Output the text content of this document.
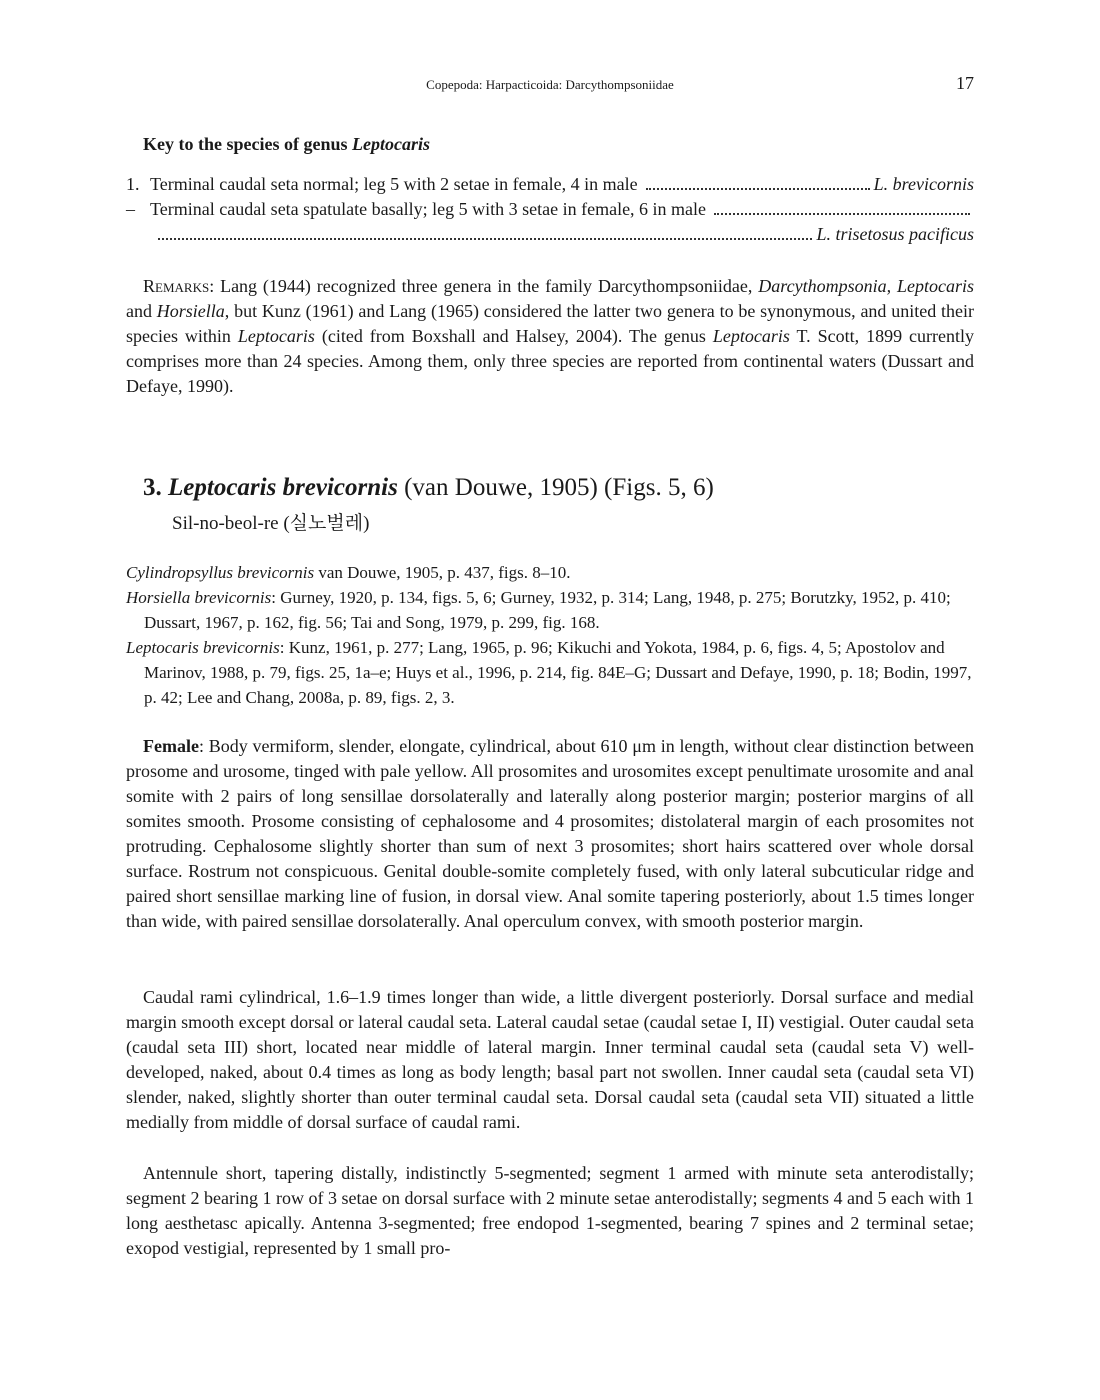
Copepoda: Harpacticoida: Darcythompsoniidae	17
Key to the species of genus Leptocaris
1. Terminal caudal seta normal; leg 5 with 2 setae in female, 4 in male	L. brevicornis
– Terminal caudal seta spatulate basally; leg 5 with 3 setae in female, 6 in male
L. trisetosus pacificus

Remarks: Lang (1944) recognized three genera in the family Darcythompsoniidae, Darcythompsonia, Leptocaris and Horsiella, but Kunz (1961) and Lang (1965) considered the latter two genera to be synonymous, and united their species within Leptocaris (cited from Boxshall and Halsey, 2004). The genus Leptocaris T. Scott, 1899 currently comprises more than 24 species. Among them, only three species are reported from continental waters (Dussart and Defaye, 1990).

3. Leptocaris brevicornis (van Douwe, 1905) (Figs. 5, 6)
Sil-no-beol-re (실노벌레)

Cylindropsyllus brevicornis van Douwe, 1905, p. 437, figs. 8–10.

Horsiella brevicornis: Gurney, 1920, p. 134, figs. 5, 6; Gurney, 1932, p. 314; Lang, 1948, p. 275; Borutzky, 1952, p. 410; Dussart, 1967, p. 162, fig. 56; Tai and Song, 1979, p. 299, fig. 168.

Leptocaris brevicornis: Kunz, 1961, p. 277; Lang, 1965, p. 96; Kikuchi and Yokota, 1984, p. 6, figs. 4, 5; Apostolov and Marinov, 1988, p. 79, figs. 25, 1a–e; Huys et al., 1996, p. 214, fig. 84E–G; Dussart and Defaye, 1990, p. 18; Bodin, 1997, p. 42; Lee and Chang, 2008a, p. 89, figs. 2, 3.

Female: Body vermiform, slender, elongate, cylindrical, about 610 μm in length, without clear distinction between prosome and urosome, tinged with pale yellow. All prosomites and urosomites except penultimate urosomite and anal somite with 2 pairs of long sensillae dorsolaterally and laterally along posterior margin; posterior margins of all somites smooth. Prosome consisting of cephalosome and 4 prosomites; distolateral margin of each prosomites not protruding. Cephalosome slightly shorter than sum of next 3 prosomites; short hairs scattered over whole dorsal surface. Rostrum not conspicuous. Genital double-somite completely fused, with only lateral subcuticular ridge and paired short sensillae marking line of fusion, in dorsal view. Anal somite tapering posteriorly, about 1.5 times longer than wide, with paired sensillae dorsolaterally. Anal operculum convex, with smooth posterior margin.

Caudal rami cylindrical, 1.6–1.9 times longer than wide, a little divergent posteriorly. Dorsal surface and medial margin smooth except dorsal or lateral caudal seta. Lateral caudal setae (caudal setae I, II) vestigial. Outer caudal seta (caudal seta III) short, located near middle of lateral margin. Inner terminal caudal seta (caudal seta V) well-developed, naked, about 0.4 times as long as body length; basal part not swollen. Inner caudal seta (caudal seta VI) slender, naked, slightly shorter than outer terminal caudal seta. Dorsal caudal seta (caudal seta VII) situated a little medially from middle of dorsal surface of caudal rami.

Antennule short, tapering distally, indistinctly 5-segmented; segment 1 armed with minute seta anterodistally; segment 2 bearing 1 row of 3 setae on dorsal surface with 2 minute setae anterodistally; segments 4 and 5 each with 1 long aesthetasc apically. Antenna 3-segmented; free endopod 1-segmented, bearing 7 spines and 2 terminal setae; exopod vestigial, represented by 1 small pro-
